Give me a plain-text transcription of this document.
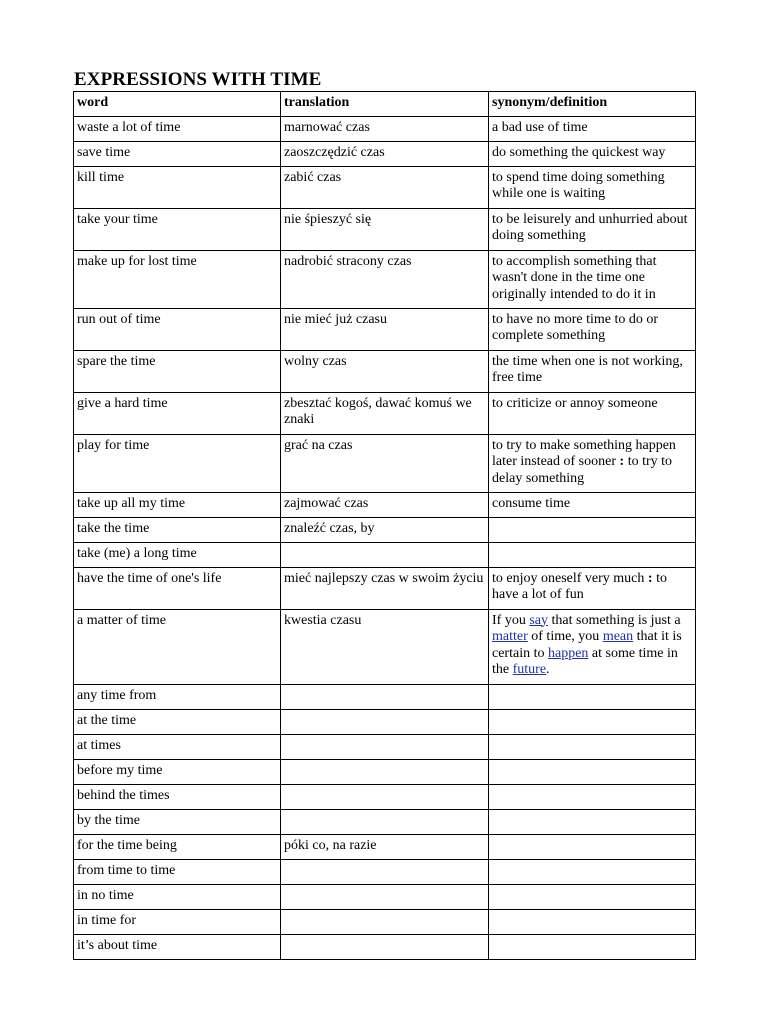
EXPRESSIONS WITH TIME
word	translation	synonym/definition
waste a lot of time	marnować czas	a bad use of time
save time	zaoszczędzić czas	do something the quickest way
kill time	zabić czas	to spend time doing something while one is waiting
take your time	nie śpieszyć się	to be leisurely and unhurried about doing something
make up for lost time	nadrobić stracony czas	to accomplish something that wasn't done in the time one originally intended to do it in
run out of time	nie mieć już czasu	to have no more time to do or complete something
spare the time	wolny czas	the time when one is not working, free time
give a hard time	zbesztać kogoś, dawać komuś we znaki	to criticize or annoy someone
play for time	grać na czas	to try to make something happen later instead of sooner : to try to delay something
take up all my time	zajmować czas	consume time
take the time	znaleźć czas, by	
take (me) a long time		
have the time of one's life	mieć najlepszy czas w swoim życiu	to enjoy oneself very much : to have a lot of fun
a matter of time	kwestia czasu	If you say that something is just a matter of time, you mean that it is certain to happen at some time in the future.
any time from		
at the time		
at times		
before my time		
behind the times		
by the time		
for the time being	póki co, na razie	
from time to time		
in no time		
in time for		
it’s about time		
